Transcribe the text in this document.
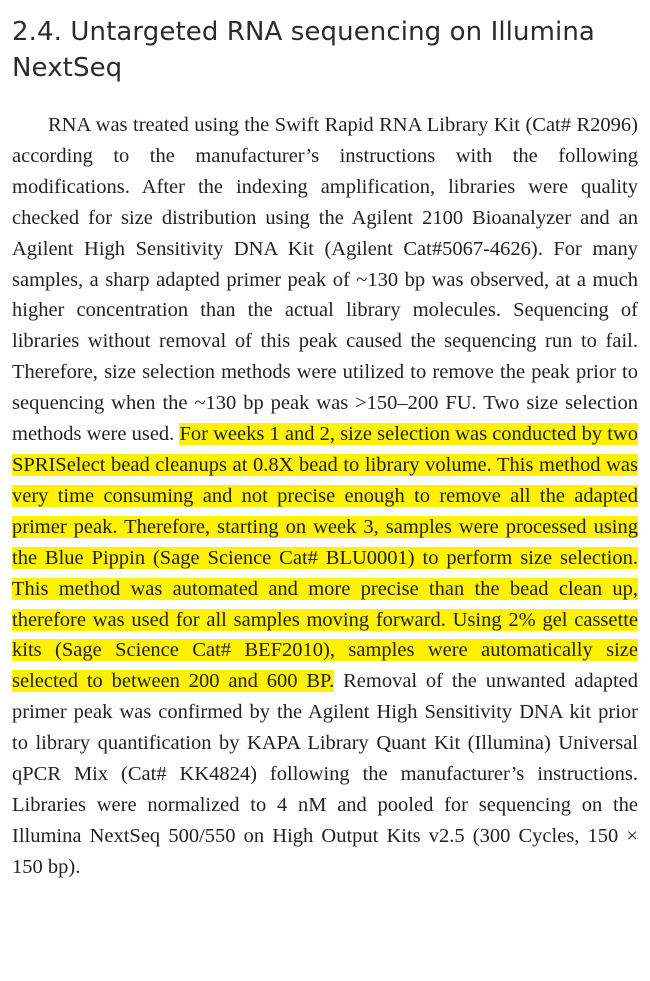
2.4. Untargeted RNA sequencing on Illumina NextSeq

RNA was treated using the Swift Rapid RNA Library Kit (Cat# R2096) according to the manufacturer’s instructions with the following modifications. After the indexing amplification, libraries were quality checked for size distribution using the Agilent 2100 Bioanalyzer and an Agilent High Sensitivity DNA Kit (Agilent Cat#5067-4626). For many samples, a sharp adapted primer peak of ~130 bp was observed, at a much higher concentration than the actual library molecules. Sequencing of libraries without removal of this peak caused the sequencing run to fail. Therefore, size selection methods were utilized to remove the peak prior to sequencing when the ~130 bp peak was >150–200 FU. Two size selection methods were used. For weeks 1 and 2, size selection was conducted by two SPRISelect bead cleanups at 0.8X bead to library volume. This method was very time consuming and not precise enough to remove all the adapted primer peak. Therefore, starting on week 3, samples were processed using the Blue Pippin (Sage Science Cat# BLU0001) to perform size selection. This method was automated and more precise than the bead clean up, therefore was used for all samples moving forward. Using 2% gel cassette kits (Sage Science Cat# BEF2010), samples were automatically size selected to between 200 and 600 BP. Removal of the unwanted adapted primer peak was confirmed by the Agilent High Sensitivity DNA kit prior to library quantification by KAPA Library Quant Kit (Illumina) Universal qPCR Mix (Cat# KK4824) following the manufacturer’s instructions. Libraries were normalized to 4 nM and pooled for sequencing on the Illumina NextSeq 500/550 on High Output Kits v2.5 (300 Cycles, 150 × 150 bp).
